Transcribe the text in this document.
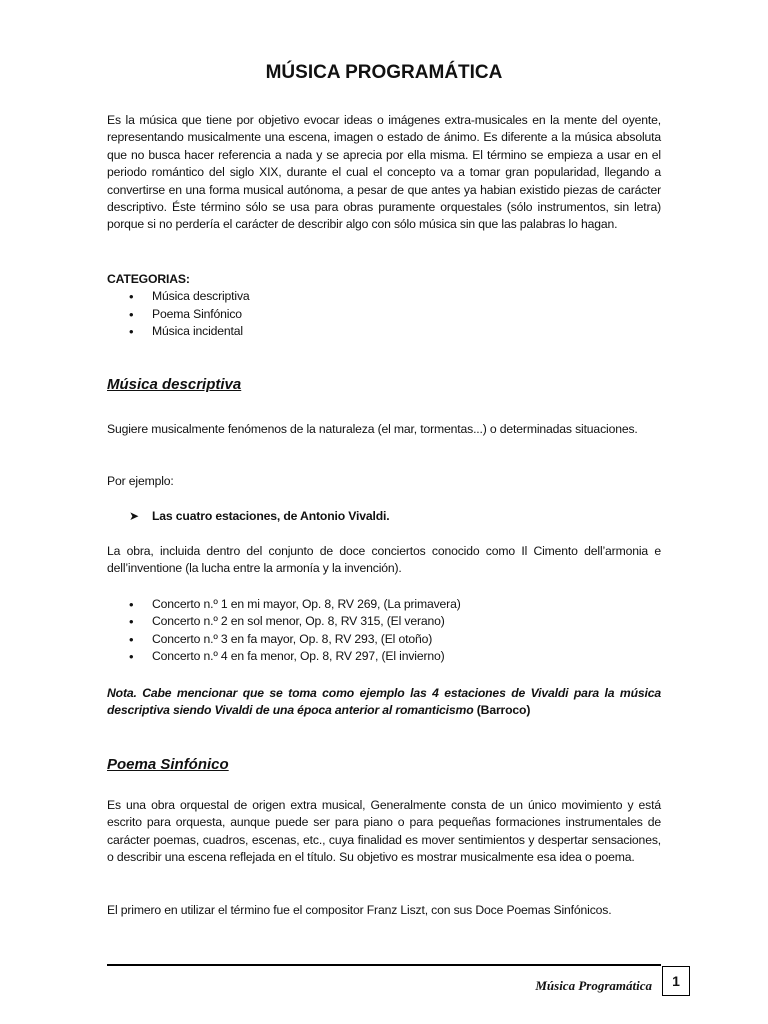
MÚSICA PROGRAMÁTICA

Es la música que tiene por objetivo evocar ideas o imágenes extra-musicales en la mente del oyente, representando musicalmente una escena, imagen o estado de ánimo. Es diferente a la música absoluta que no busca hacer referencia a nada y se aprecia por ella misma. El término se empieza a usar en el periodo romántico del siglo XIX, durante el cual el concepto va a tomar gran popularidad, llegando a convertirse en una forma musical autónoma, a pesar de que antes ya habian existido piezas de carácter descriptivo. Éste término sólo se usa para obras puramente orquestales (sólo instrumentos, sin letra) porque si no perdería el carácter de describir algo con sólo música sin que las palabras lo hagan.

CATEGORIAS:
• Música descriptiva
• Poema Sinfónico
• Música incidental
Música descriptiva

Sugiere musicalmente fenómenos de la naturaleza (el mar, tormentas...) o determinadas situaciones.

Por ejemplo:

➤ Las cuatro estaciones, de Antonio Vivaldi.

La obra, incluida dentro del conjunto de doce conciertos conocido como Il Cimento dell’armonia e dell’inventione (la lucha entre la armonía y la invención).

• Concerto n.º 1 en mi mayor, Op. 8, RV 269, (La primavera)
• Concerto n.º 2 en sol menor, Op. 8, RV 315, (El verano)
• Concerto n.º 3 en fa mayor, Op. 8, RV 293, (El otoño)
• Concerto n.º 4 en fa menor, Op. 8, RV 297, (El invierno)

Nota. Cabe mencionar que se toma como ejemplo las 4 estaciones de Vivaldi para la música descriptiva siendo Vivaldi de una época anterior al romanticismo (Barroco)

Poema Sinfónico

Es una obra orquestal de origen extra musical, Generalmente consta de un único movimiento y está escrito para orquesta, aunque puede ser para piano o para pequeñas formaciones instrumentales de carácter poemas, cuadros, escenas, etc., cuya finalidad es mover sentimientos y despertar sensaciones, o describir una escena reflejada en el título. Su objetivo es mostrar musicalmente esa idea o poema.

El primero en utilizar el término fue el compositor Franz Liszt, con sus Doce Poemas Sinfónicos.

Música Programática	1
